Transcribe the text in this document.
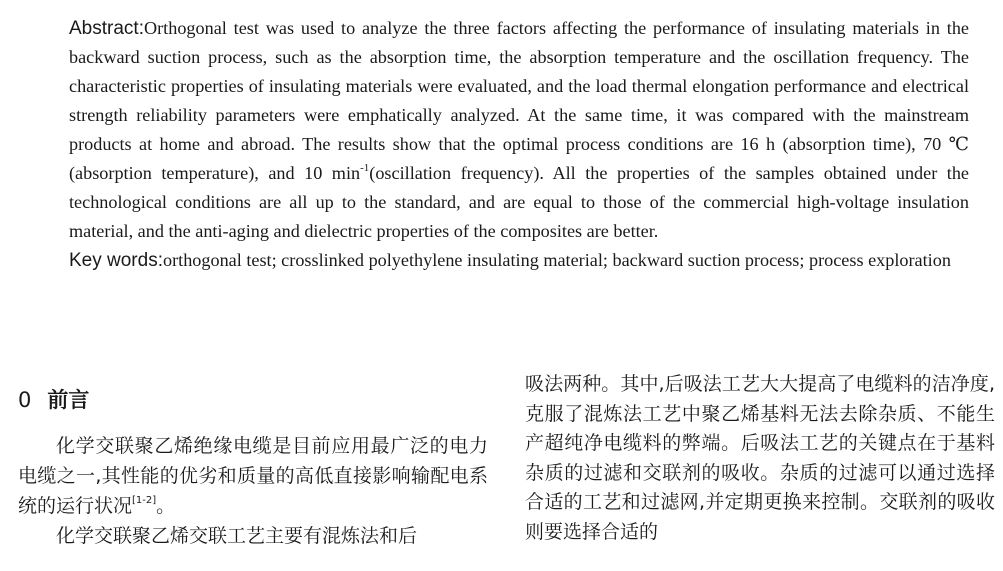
Abstract:Orthogonal test was used to analyze the three factors affecting the performance of insulating materials in the backward suction process, such as the absorption time, the absorption temperature and the oscillation frequency. The characteristic properties of insulating materials were evaluated, and the load thermal elongation performance and electrical strength reliability parameters were emphatically analyzed. At the same time, it was compared with the mainstream products at home and abroad. The results show that the optimal process conditions are 16 h (absorption time), 70 ℃ (absorption temperature), and 10 $\min^{-1}(oscillation$ frequency). All the properties of the samples obtained under the technological conditions are all up to the standard, and are equal to those of the commercial high-voltage insulation material, and the anti-aging and dielectric properties of the composites are better.

Key words:orthogonal test; crosslinked polyethylene insulating material; backward suction process; process exploration

0 前言

化学交联聚乙烯绝缘电缆是目前应用最广泛的电力电缆之一,其性能的优劣和质量的高低直接影响输配电系统的运行状况[1-2]。

化学交联聚乙烯交联工艺主要有混炼法和后

吸法两种。其中,后吸法工艺大大提高了电缆料的洁净度,克服了混炼法工艺中聚乙烯基料无法去除杂质、不能生产超纯净电缆料的弊端。后吸法工艺的关键点在于基料杂质的过滤和交联剂的吸收。杂质的过滤可以通过选择合适的工艺和过滤网,并定期更换来控制。交联剂的吸收则要选择合适的
